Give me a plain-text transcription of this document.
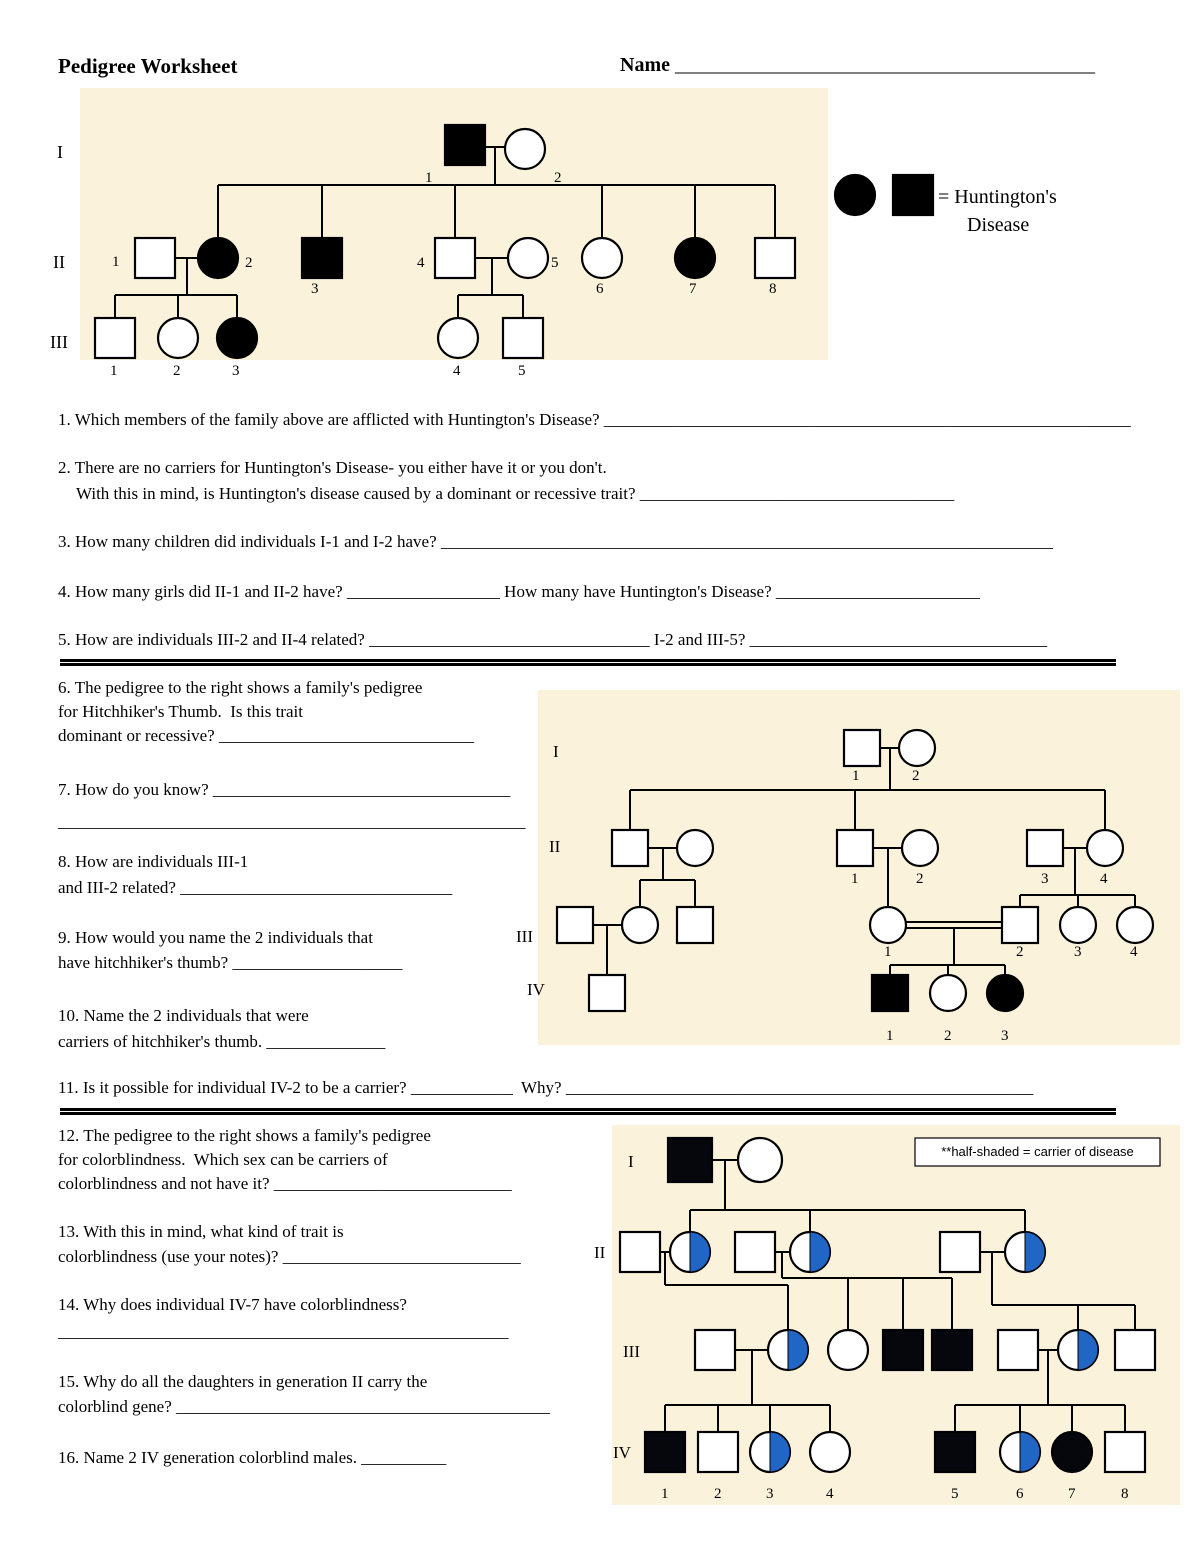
Pedigree Worksheet	Name __________________________________________
I
II
III
1	2
1	2
3
4	5
6	7	8
1	2	3	4	5
= Huntington's
Disease
1. Which members of the family above are afflicted with Huntington's Disease? ______________________________________________________________
2. There are no carriers for Huntington's Disease- you either have it or you don't.
With this in mind, is Huntington's disease caused by a dominant or recessive trait? _____________________________________
3. How many children did individuals I-1 and I-2 have? ________________________________________________________________________
4. How many girls did II-1 and II-2 have? __________________ How many have Huntington's Disease? ________________________
5. How are individuals III-2 and II-4 related? _________________________________ I-2 and III-5? ___________________________________
6. The pedigree to the right shows a family's pedigree
for Hitchhiker's Thumb.  Is this trait
dominant or recessive? ______________________________
7. How do you know? ___________________________________
_______________________________________________________
8. How are individuals III-1
and III-2 related? ________________________________
9. How would you name the 2 individuals that
have hitchhiker's thumb? ____________________
10. Name the 2 individuals that were
carriers of hitchhiker's thumb. ______________
11. Is it possible for individual IV-2 to be a carrier? ____________  Why? _______________________________________________________
I
II
III
IV
1	2
1	2	3	4
1	2	3	4
1	2	3
12. The pedigree to the right shows a family's pedigree
for colorblindness.  Which sex can be carriers of
colorblindness and not have it? ____________________________
13. With this in mind, what kind of trait is
colorblindness (use your notes)? ____________________________
14. Why does individual IV-7 have colorblindness?
_____________________________________________________
15. Why do all the daughters in generation II carry the
colorblind gene? ____________________________________________
16. Name 2 IV generation colorblind males. __________
**half-shaded = carrier of disease
I
II
III
IV
1	2	3	4	5	6	7	8
